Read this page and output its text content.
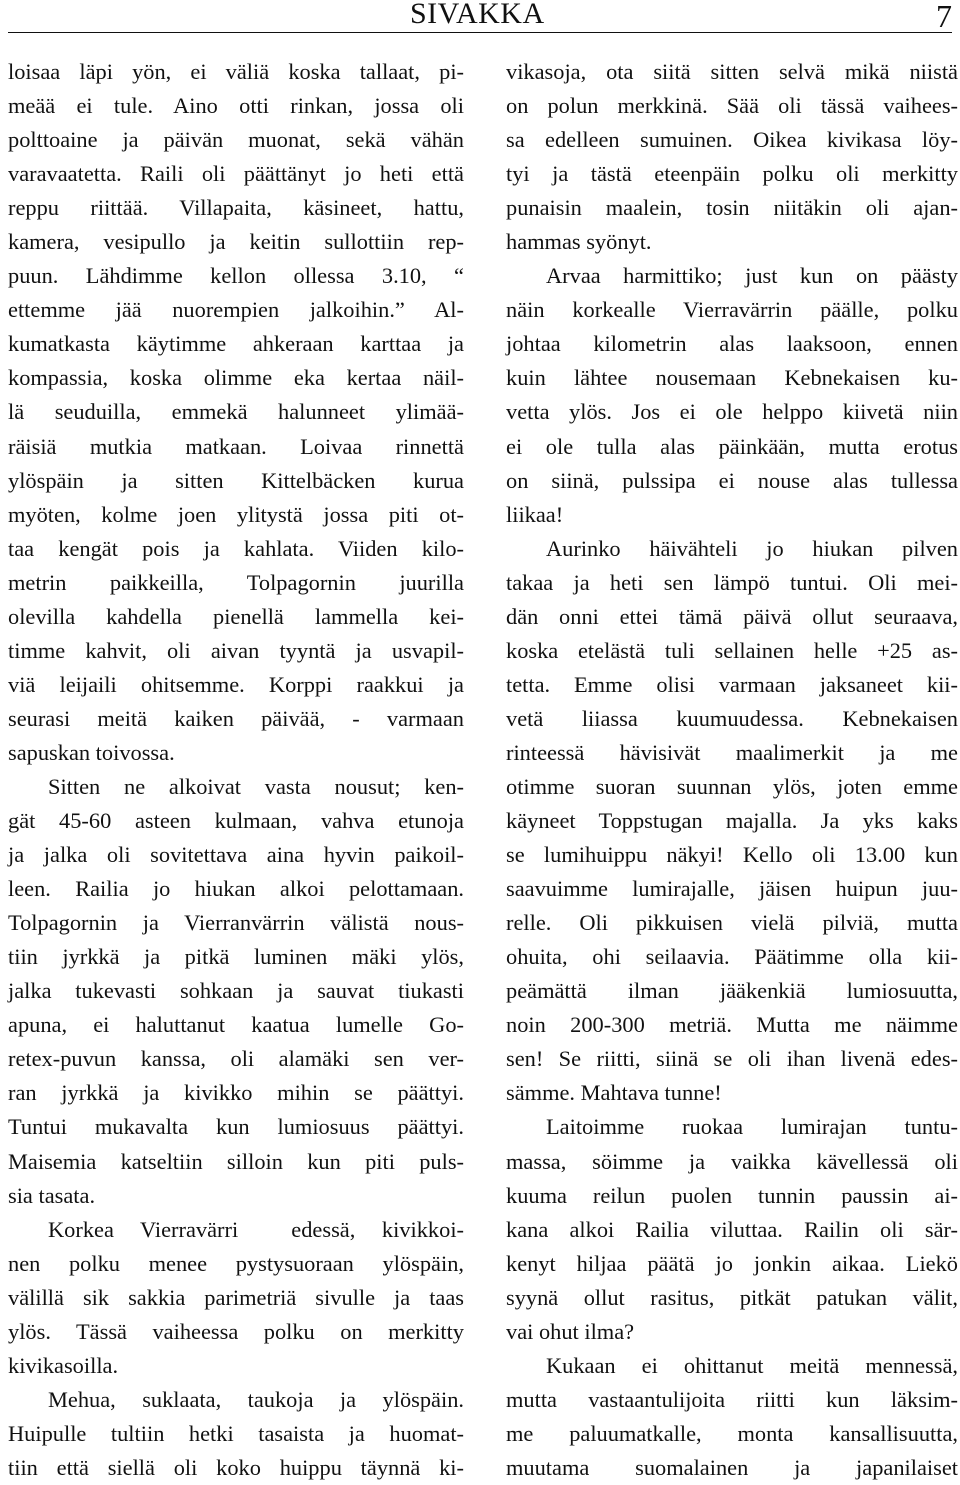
SIVAKKA	7
loisaa läpi yön, ei väliä koska tallaat, pi-
meää ei tule. Aino otti rinkan, jossa oli
polttoaine ja päivän muonat, sekä vähän
varavaatetta. Raili oli päättänyt jo heti että
reppu riittää. Villapaita, käsineet, hattu,
kamera, vesipullo ja keitin sullottiin rep-
puun. Lähdimme kellon ollessa 3.10, “
ettemme jää nuorempien jalkoihin.” Al-
kumatkasta käytimme ahkeraan karttaa ja
kompassia, koska olimme eka kertaa näil-
lä seuduilla, emmekä halunneet ylimää-
räisiä mutkia matkaan. Loivaa rinnettä
ylöspäin ja sitten Kittelbäcken kurua
myöten, kolme joen ylitystä jossa piti ot-
taa kengät pois ja kahlata. Viiden kilo-
metrin paikkeilla, Tolpagornin juurilla
olevilla kahdella pienellä lammella kei-
timme kahvit, oli aivan tyyntä ja usvapil-
viä leijaili ohitsemme. Korppi raakkui ja
seurasi meitä kaiken päivää, - varmaan
sapuskan toivossa.
Sitten ne alkoivat vasta nousut; ken-
gät 45-60 asteen kulmaan, vahva etunoja
ja jalka oli sovitettava aina hyvin paikoil-
leen. Railia jo hiukan alkoi pelottamaan.
Tolpagornin ja Vierranvärrin välistä nous-
tiin jyrkkä ja pitkä luminen mäki ylös,
jalka tukevasti sohkaan ja sauvat tiukasti
apuna, ei haluttanut kaatua lumelle Go-
retex-puvun kanssa, oli alamäki sen ver-
ran jyrkkä ja kivikko mihin se päättyi.
Tuntui mukavalta kun lumiosuus päättyi.
Maisemia katseltiin silloin kun piti puls-
sia tasata.
Korkea Vierravärri  edessä, kivikkoi-
nen polku menee pystysuoraan ylöspäin,
välillä sik sakkia parimetriä sivulle ja taas
ylös. Tässä vaiheessa polku on merkitty
kivikasoilla.
Mehua, suklaata, taukoja ja ylöspäin.
Huipulle tultiin hetki tasaista ja huomat-
tiin että siellä oli koko huippu täynnä ki-
vikasoja, ota siitä sitten selvä mikä niistä
on polun merkkinä. Sää oli tässä vaihees-
sa edelleen sumuinen. Oikea kivikasa löy-
tyi ja tästä eteenpäin polku oli merkitty
punaisin maalein, tosin niitäkin oli ajan-
hammas syönyt.
Arvaa harmittiko; just kun on päästy
näin korkealle Vierravärrin päälle, polku
johtaa kilometrin alas laaksoon, ennen
kuin lähtee nousemaan Kebnekaisen ku-
vetta ylös. Jos ei ole helppo kiivetä niin
ei ole tulla alas päinkään, mutta erotus
on siinä, pulssipa ei nouse alas tullessa
liikaa!
Aurinko häivähteli jo hiukan pilven
takaa ja heti sen lämpö tuntui. Oli mei-
dän onni ettei tämä päivä ollut seuraava,
koska etelästä tuli sellainen helle +25 as-
tetta. Emme olisi varmaan jaksaneet kii-
vetä liiassa kuumuudessa. Kebnekaisen
rinteessä hävisivät maalimerkit ja me
otimme suoran suunnan ylös, joten emme
käyneet Toppstugan majalla. Ja yks kaks
se lumihuippu näkyi! Kello oli 13.00 kun
saavuimme lumirajalle, jäisen huipun juu-
relle. Oli pikkuisen vielä pilviä, mutta
ohuita, ohi seilaavia. Päätimme olla kii-
peämättä ilman jääkenkiä lumiosuutta,
noin 200-300 metriä. Mutta me näimme
sen! Se riitti, siinä se oli ihan livenä edes-
sämme. Mahtava tunne!
Laitoimme ruokaa lumirajan tuntu-
massa, söimme ja vaikka kävellessä oli
kuuma reilun puolen tunnin paussin ai-
kana alkoi Railia viluttaa. Railin oli sär-
kenyt hiljaa päätä jo jonkin aikaa. Liekö
syynä ollut rasitus, pitkät patukan välit,
vai ohut ilma?
Kukaan ei ohittanut meitä mennessä,
mutta vastaantulijoita riitti kun läksim-
me paluumatkalle, monta kansallisuutta,
muutama suomalainen ja japanilaiset
